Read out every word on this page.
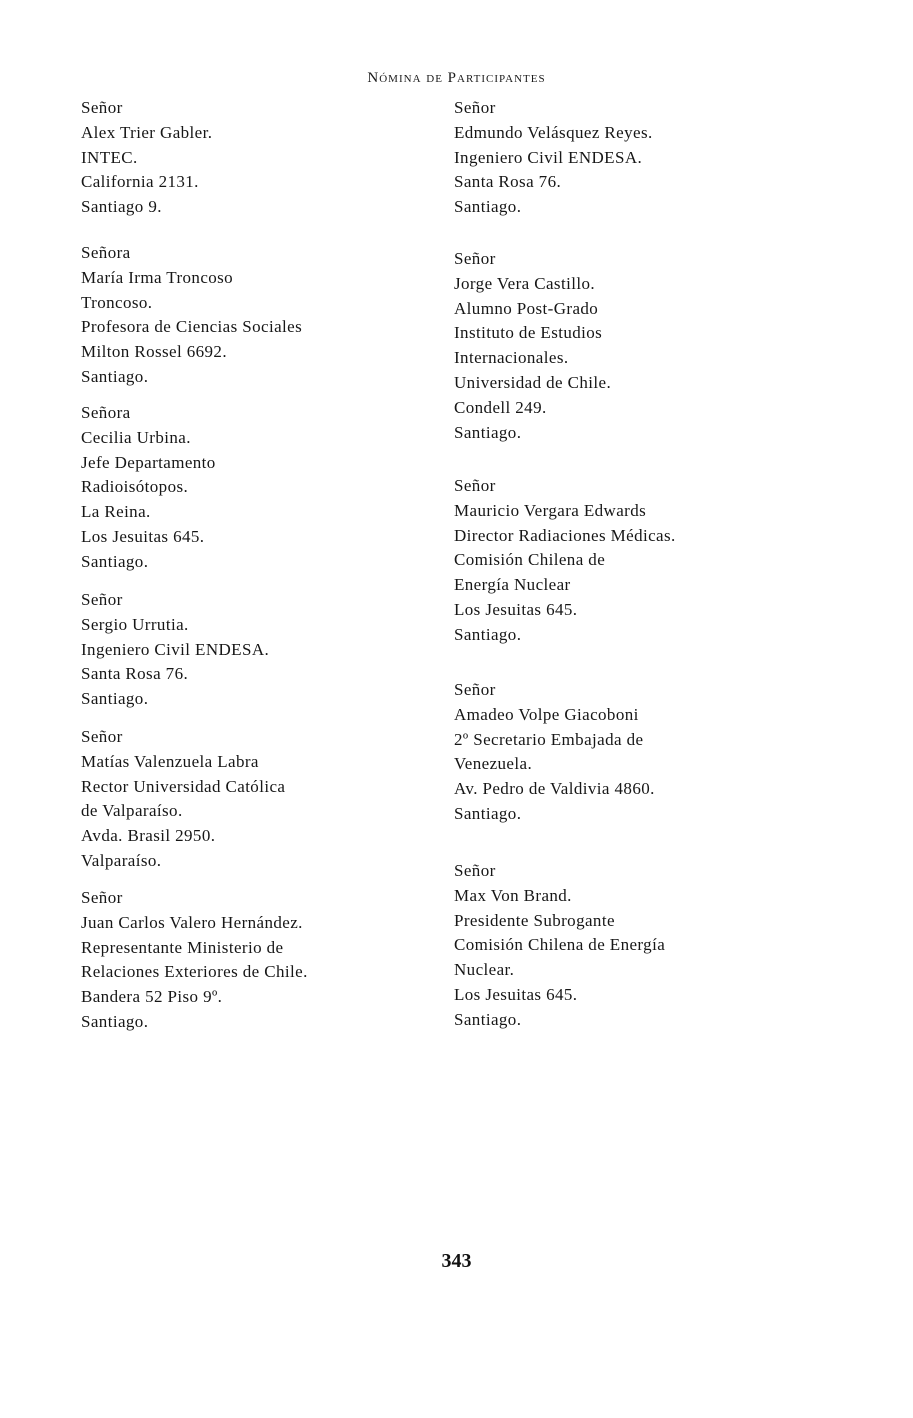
Nómina de Participantes
Señor
Alex Trier Gabler.
INTEC.
California 2131.
Santiago 9.
Señora
María Irma Troncoso
Troncoso.
Profesora de Ciencias Sociales
Milton Rossel 6692.
Santiago.
Señora
Cecilia Urbina.
Jefe Departamento
Radioisótopos.
La Reina.
Los Jesuitas 645.
Santiago.
Señor
Sergio Urrutia.
Ingeniero Civil ENDESA.
Santa Rosa 76.
Santiago.
Señor
Matías Valenzuela Labra
Rector Universidad Católica
de Valparaíso.
Avda. Brasil 2950.
Valparaíso.
Señor
Juan Carlos Valero Hernández.
Representante Ministerio de
Relaciones Exteriores de Chile.
Bandera 52 Piso 9º.
Santiago.
Señor
Edmundo Velásquez Reyes.
Ingeniero Civil ENDESA.
Santa Rosa 76.
Santiago.
Señor
Jorge Vera Castillo.
Alumno Post-Grado
Instituto de Estudios
Internacionales.
Universidad de Chile.
Condell 249.
Santiago.
Señor
Mauricio Vergara Edwards
Director Radiaciones Médicas.
Comisión Chilena de
Energía Nuclear
Los Jesuitas 645.
Santiago.
Señor
Amadeo Volpe Giacoboni
2º Secretario Embajada de
Venezuela.
Av. Pedro de Valdivia 4860.
Santiago.
Señor
Max Von Brand.
Presidente Subrogante
Comisión Chilena de Energía
Nuclear.
Los Jesuitas 645.
Santiago.
343
